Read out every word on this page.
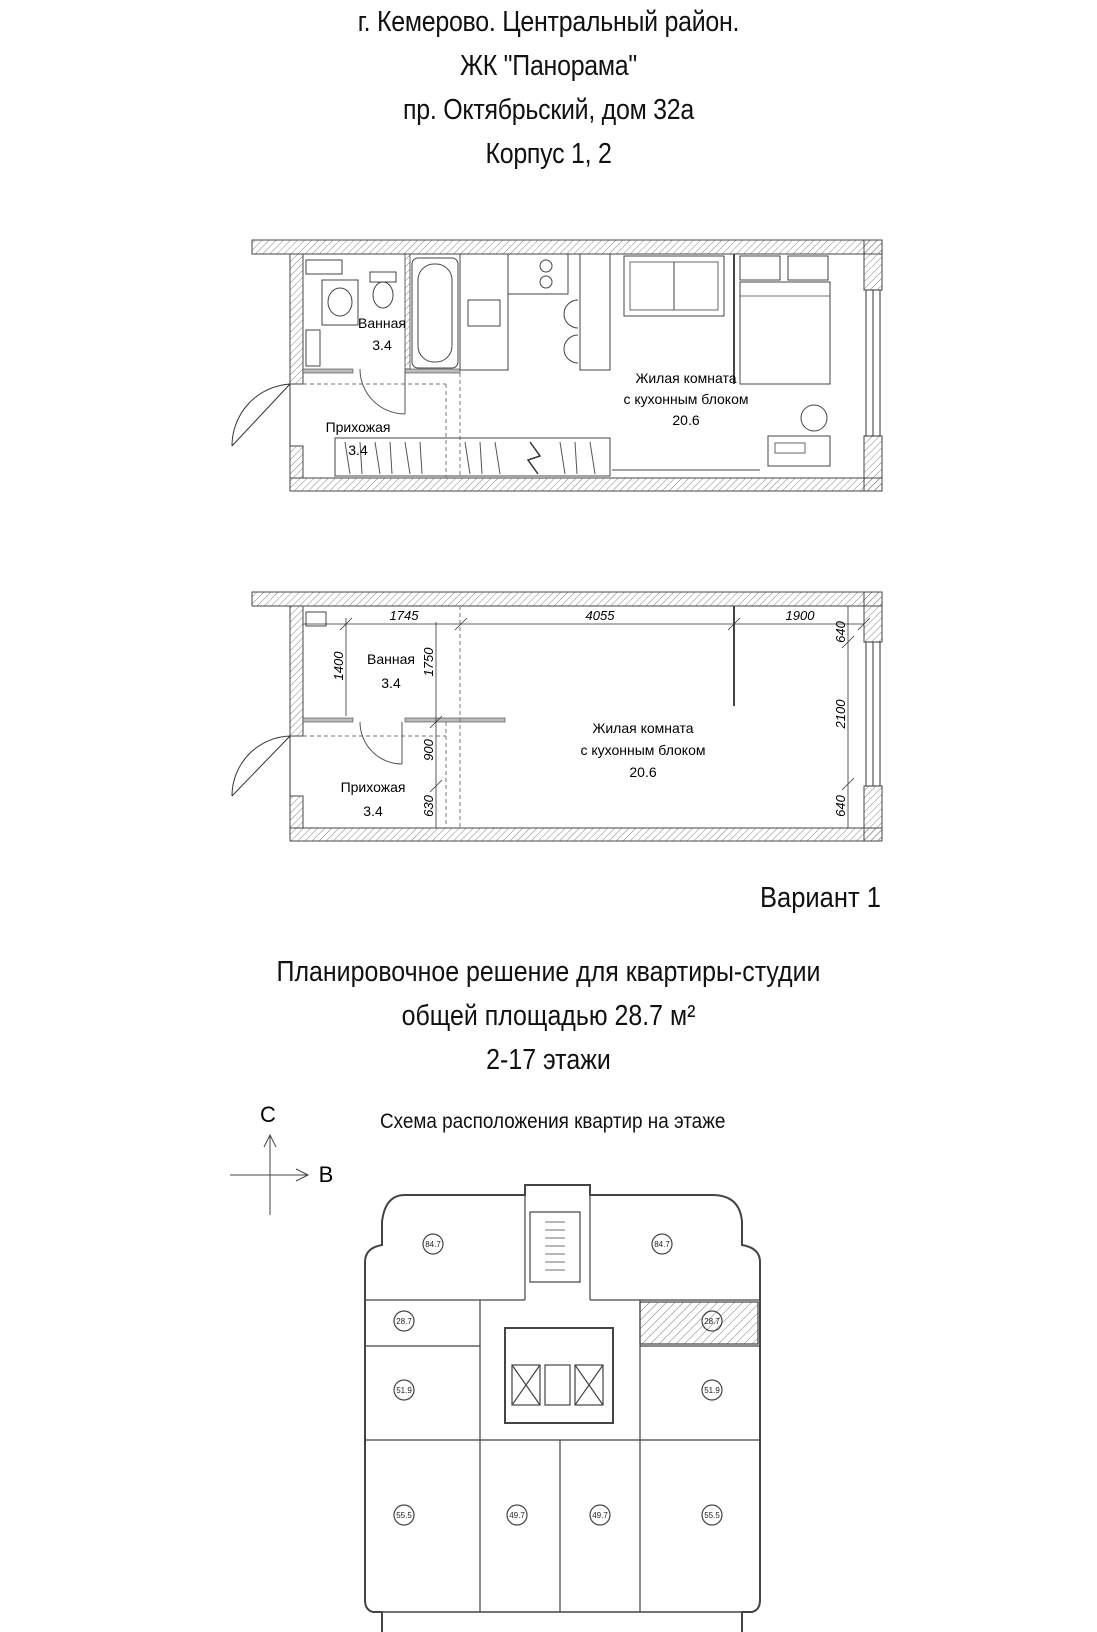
г. Кемерово. Центральный район.
ЖК "Панорама"
пр. Октябрьский, дом 32а
Корпус 1, 2
Ванная
3.4
Прихожая
3.4
Жилая комната
с кухонным блоком
20.6
1745	4055	1900
1400	1750
900
630
640
2100
640
Ванная
3.4
Прихожая
3.4
Жилая комната
с кухонным блоком
20.6
С
В
84.7	84.7
28.7	28.7
51.9	51.9
55.5	49.7	49.7	55.5
Вариант 1
Планировочное решение для квартиры-студии
общей площадью 28.7 м²
2-17 этажи
Схема расположения квартир на этаже
